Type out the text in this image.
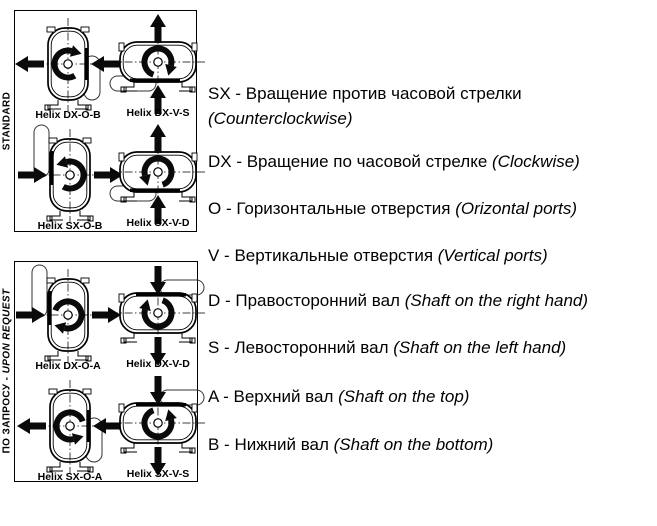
STANDARD	Helix DX-O-B	Helix DX-V-S
Helix SX-O-B	Helix SX-V-D
ПО ЗАПРОСУ - UPON REQUEST	Helix DX-O-A	Helix DX-V-D
Helix SX-O-A	Helix SX-V-S
SX - Вращение против часовой стрелки
(Counterclockwise)
DX - Вращение по часовой стрелке (Clockwise)
O - Горизонтальные отверстия (Orizontal ports)
V - Вертикальные отверстия (Vertical ports)
D - Правосторонний вал (Shaft on the right hand)
S - Левосторонний вал (Shaft on the left hand)
A - Верхний вал (Shaft on the top)
B - Нижний вал (Shaft on the bottom)
